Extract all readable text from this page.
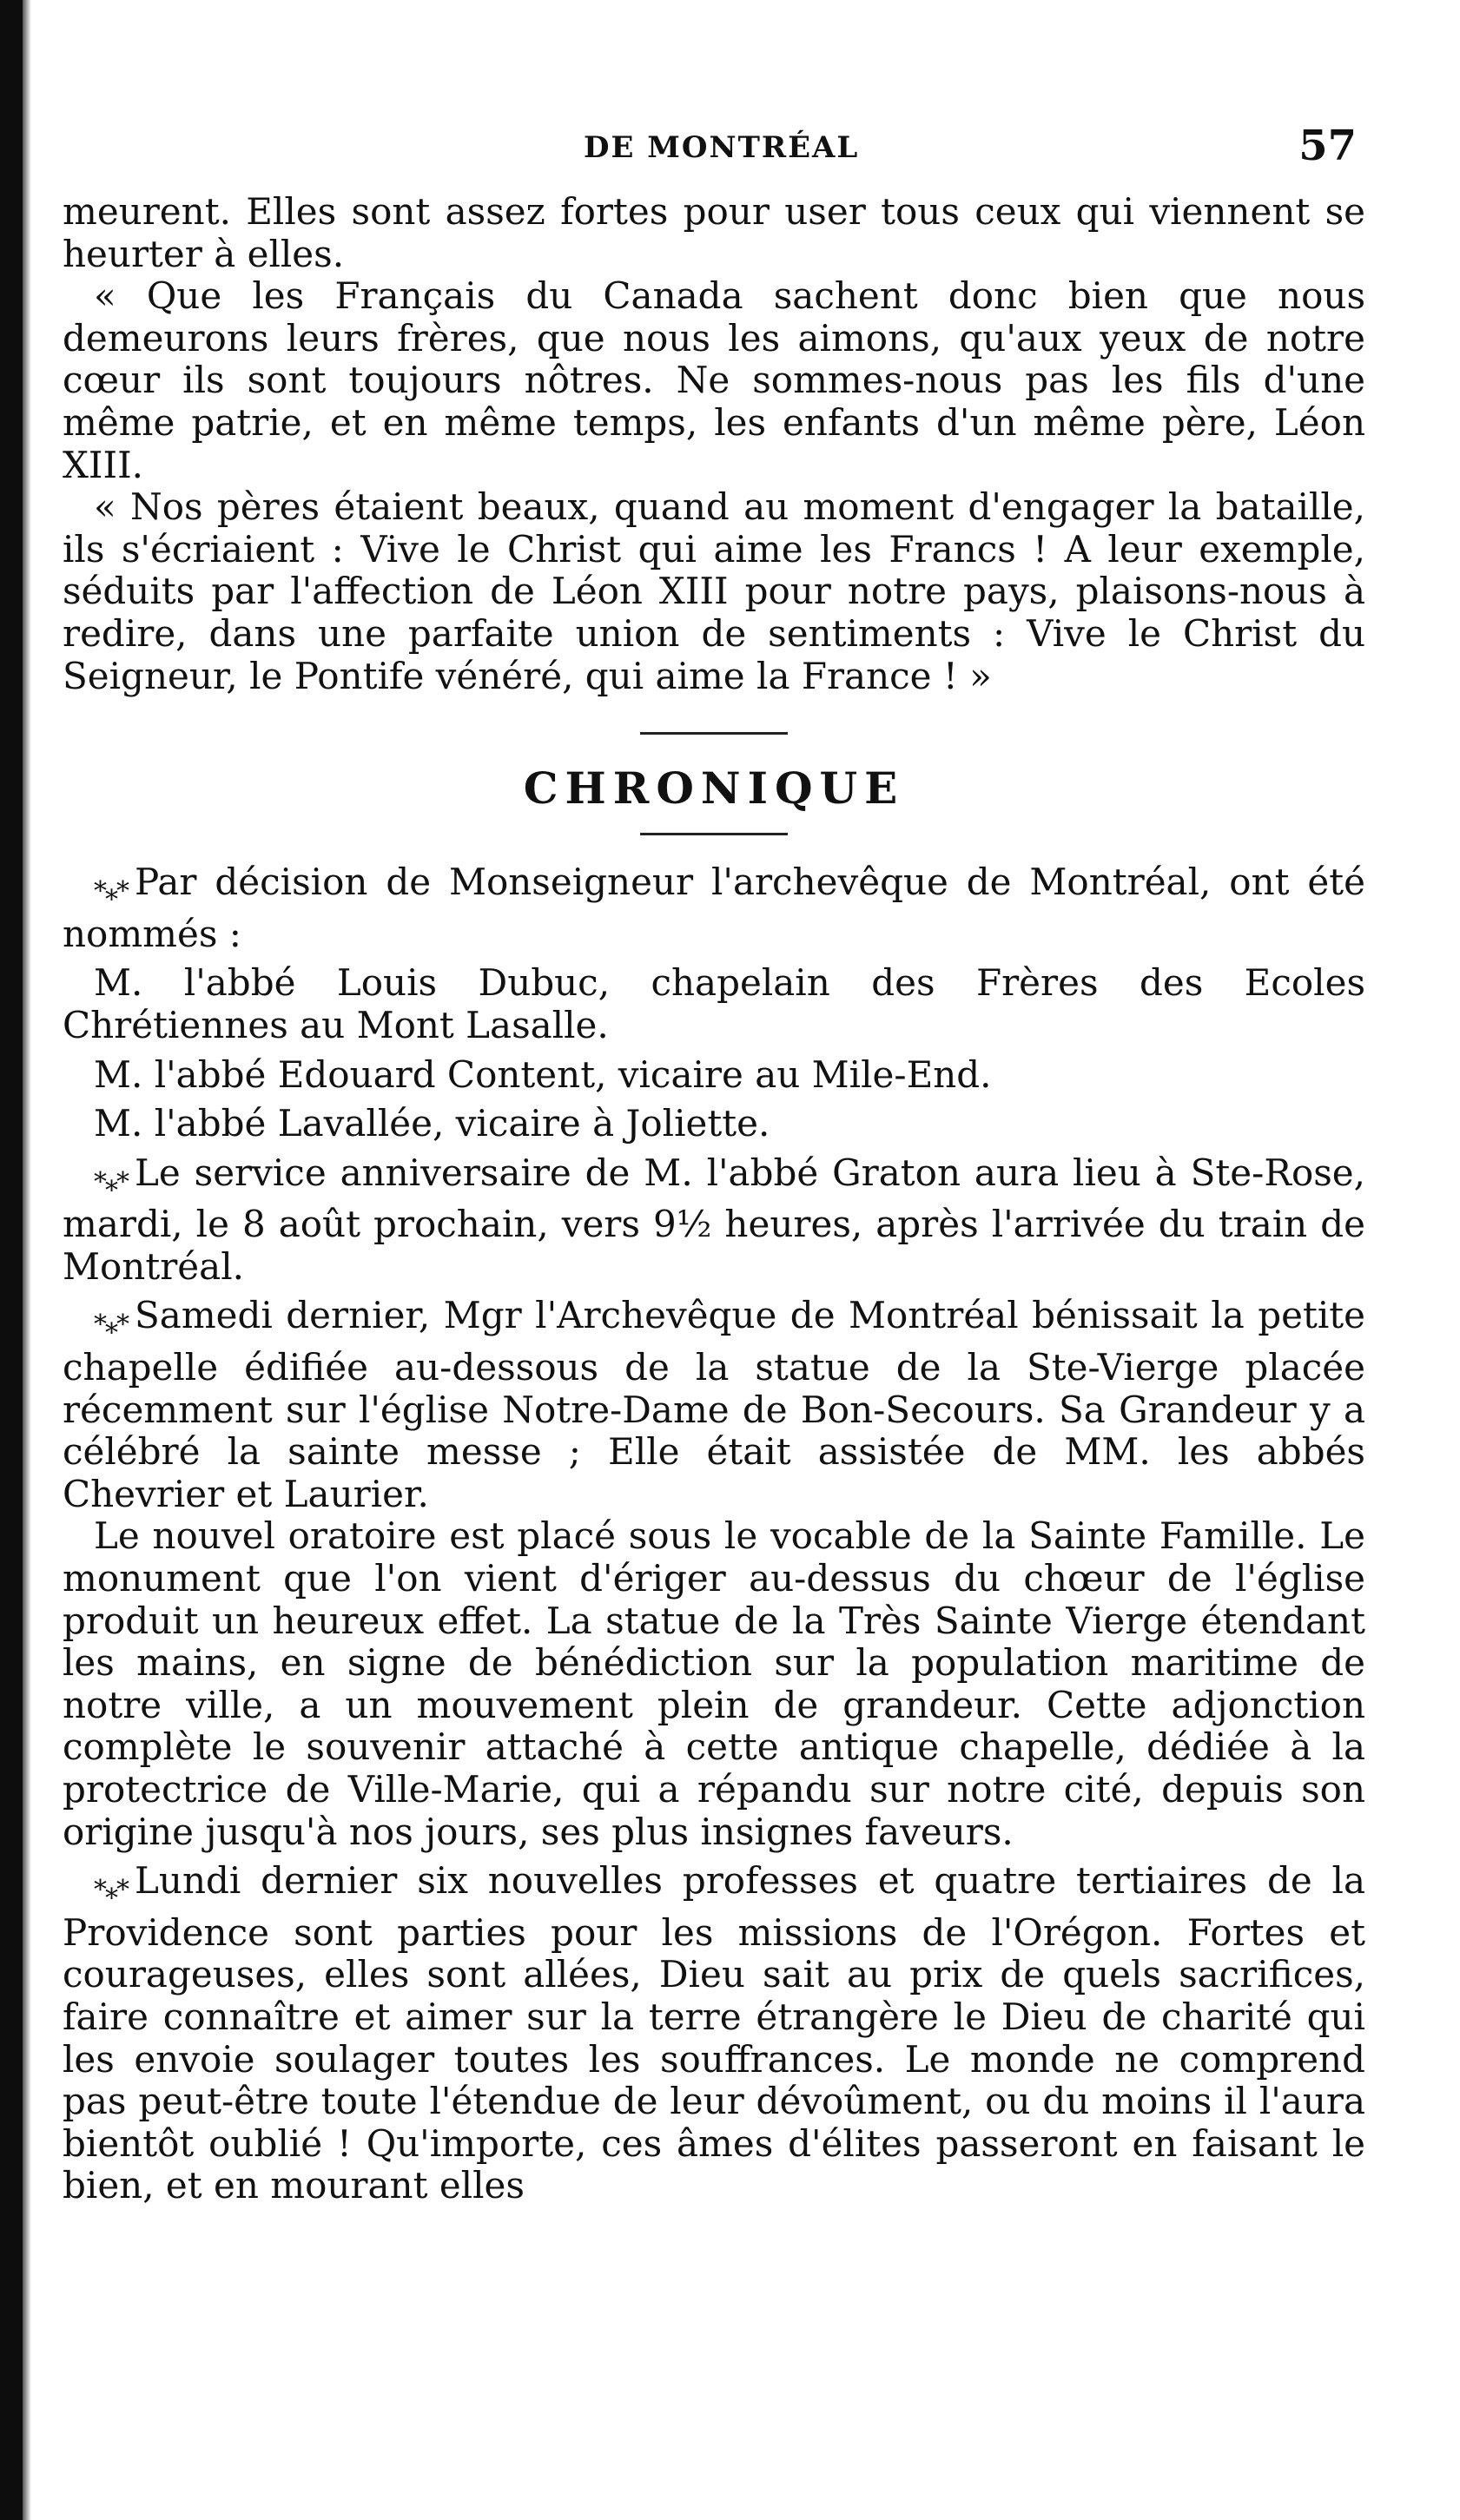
DE MONTRÉAL	57

meurent. Elles sont assez fortes pour user tous ceux qui viennent se heurter à elles.

« Que les Français du Canada sachent donc bien que nous demeurons leurs frères, que nous les aimons, qu'aux yeux de notre cœur ils sont toujours nôtres. Ne sommes-nous pas les fils d'une même patrie, et en même temps, les enfants d'un même père, Léon XIII.

« Nos pères étaient beaux, quand au moment d'engager la bataille, ils s'écriaient : Vive le Christ qui aime les Francs ! A leur exemple, séduits par l'affection de Léon XIII pour notre pays, plaisons-nous à redire, dans une parfaite union de sentiments : Vive le Christ du Seigneur, le Pontife vénéré, qui aime la France ! »

CHRONIQUE

*⁎* Par décision de Monseigneur l'archevêque de Montréal, ont été nommés :

M. l'abbé Louis Dubuc, chapelain des Frères des Ecoles Chrétiennes au Mont Lasalle.

M. l'abbé Edouard Content, vicaire au Mile-End.

M. l'abbé Lavallée, vicaire à Joliette.

*⁎* Le service anniversaire de M. l'abbé Graton aura lieu à Ste-Rose, mardi, le 8 août prochain, vers 9½ heures, après l'arrivée du train de Montréal.

*⁎* Samedi dernier, Mgr l'Archevêque de Montréal bénissait la petite chapelle édifiée au-dessous de la statue de la Ste-Vierge placée récemment sur l'église Notre-Dame de Bon-Secours. Sa Grandeur y a célébré la sainte messe ; Elle était assistée de MM. les abbés Chevrier et Laurier.

Le nouvel oratoire est placé sous le vocable de la Sainte Famille. Le monument que l'on vient d'ériger au-dessus du chœur de l'église produit un heureux effet. La statue de la Très Sainte Vierge étendant les mains, en signe de bénédiction sur la population maritime de notre ville, a un mouvement plein de grandeur. Cette adjonction complète le souvenir attaché à cette antique chapelle, dédiée à la protectrice de Ville-Marie, qui a répandu sur notre cité, depuis son origine jusqu'à nos jours, ses plus insignes faveurs.

*⁎* Lundi dernier six nouvelles professes et quatre tertiaires de la Providence sont parties pour les missions de l'Orégon. Fortes et courageuses, elles sont allées, Dieu sait au prix de quels sacrifices, faire connaître et aimer sur la terre étrangère le Dieu de charité qui les envoie soulager toutes les souffrances. Le monde ne comprend pas peut-être toute l'étendue de leur dévoûment, ou du moins il l'aura bientôt oublié ! Qu'importe, ces âmes d'élites passeront en faisant le bien, et en mourant elles
